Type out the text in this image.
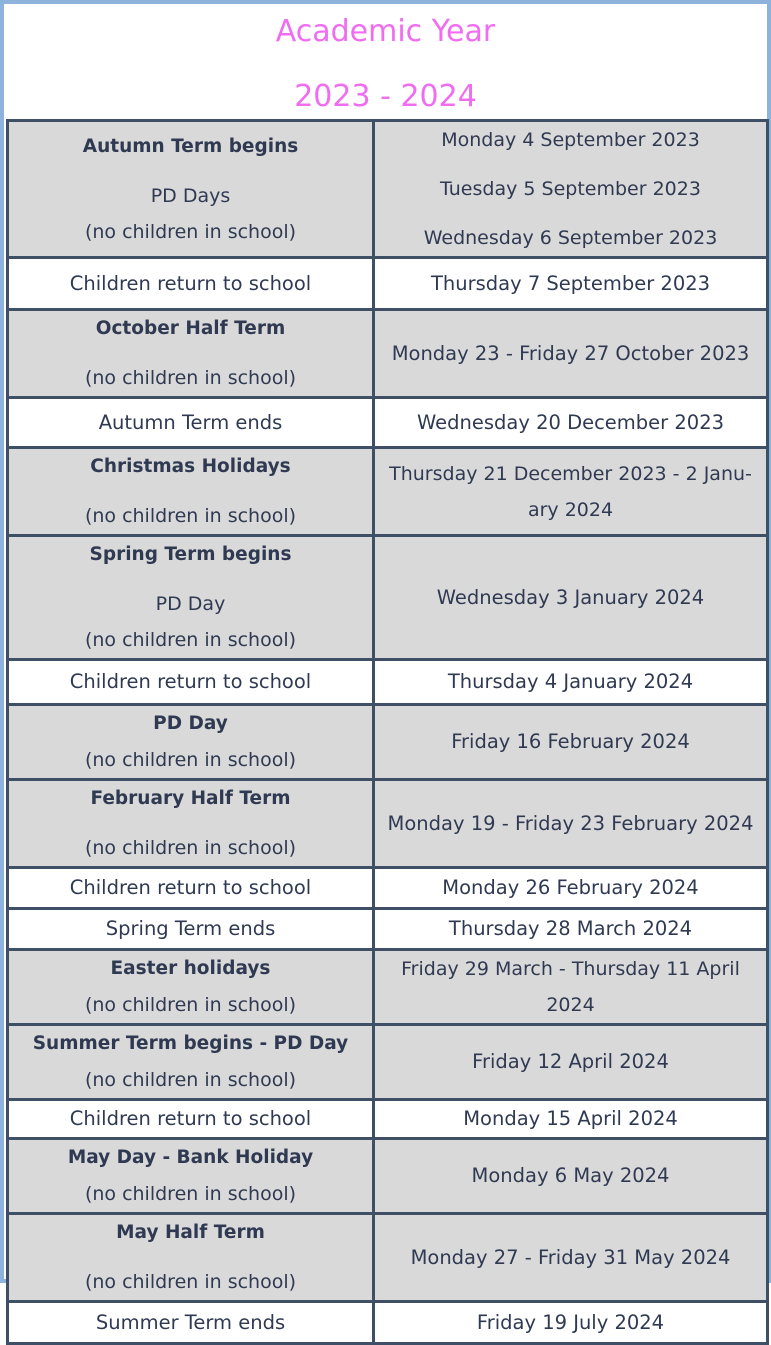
Academic Year
2023 - 2024
Autumn Term begins
PD Days
(no children in school)	Monday 4 September 2023
Tuesday 5 September 2023
Wednesday 6 September 2023

Children return to school	Thursday 7 September 2023

October Half Term
(no children in school)	Monday 23 - Friday 27 October 2023
Autumn Term ends	Wednesday 20 December 2023

Christmas Holidays
(no children in school)	Thursday 21 December 2023 - 2 Janu-
ary 2024

Spring Term begins
PD Day
(no children in school)	Wednesday 3 January 2024
Children return to school	Thursday 4 January 2024

PD Day
(no children in school)	Friday 16 February 2024

February Half Term
(no children in school)	Monday 19 - Friday 23 February 2024
Children return to school	Monday 26 February 2024
Spring Term ends	Thursday 28 March 2024

Easter holidays
(no children in school)	Friday 29 March - Thursday 11 April
2024

Summer Term begins - PD Day
(no children in school)	Friday 12 April 2024
Children return to school	Monday 15 April 2024

May Day - Bank Holiday
(no children in school)	Monday 6 May 2024

May Half Term
(no children in school)	Monday 27 - Friday 31 May 2024
Summer Term ends	Friday 19 July 2024
